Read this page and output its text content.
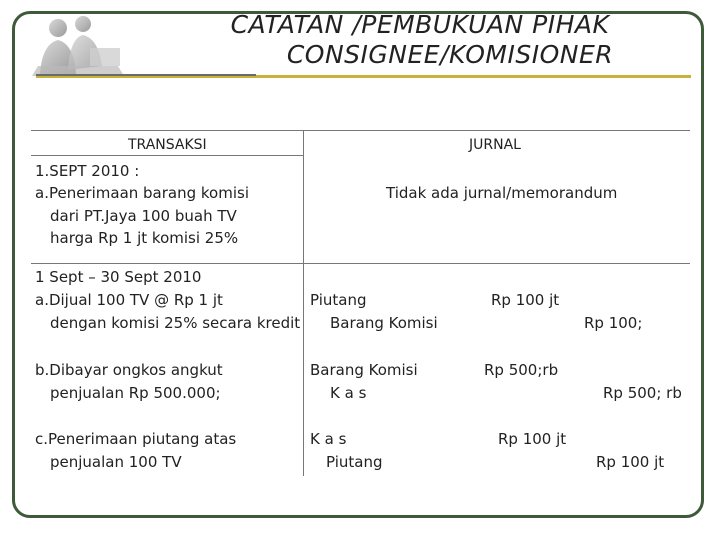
CATATAN /PEMBUKUAN PIHAK
CONSIGNEE/KOMISIONER
TRANSAKSI	JURNAL
1.SEPT 2010 :
a.Penerimaan barang komisi
dari PT.Jaya 100 buah TV
harga Rp 1 jt komisi 25%
Tidak ada jurnal/memorandum
1 Sept – 30 Sept 2010
a.Dijual 100 TV @ Rp 1 jt
dengan komisi 25% secara kredit
Piutang
Barang Komisi
Rp 100 jt
Rp 100;
b.Dibayar ongkos angkut
penjualan Rp 500.000;
Barang Komisi
K a s
Rp 500;rb
Rp 500; rb
c.Penerimaan piutang atas
penjualan 100 TV
K a s
Piutang
Rp 100 jt
Rp 100 jt
